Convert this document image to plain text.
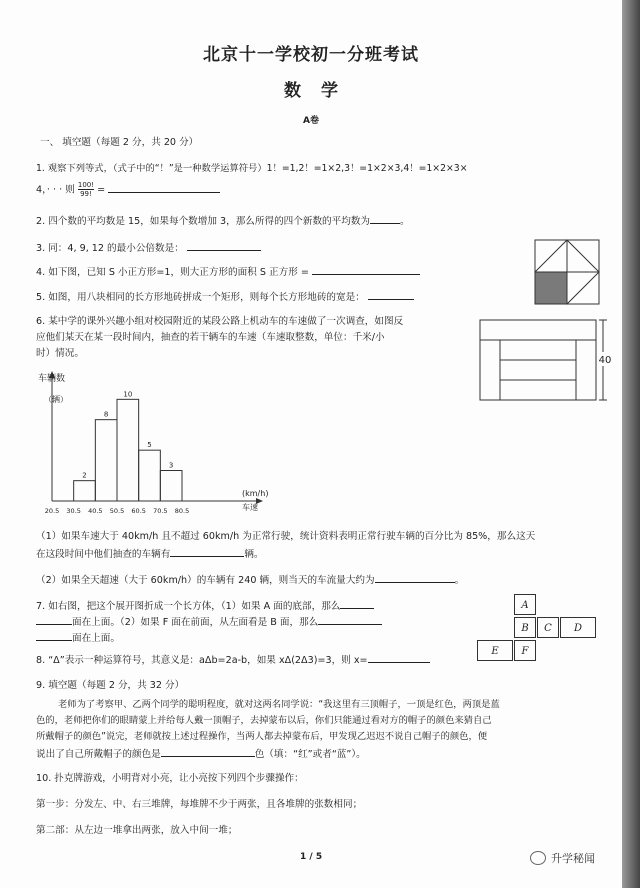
北京十一学校初一分班考试
数 学
A卷
一、 填空题（每题 2 分，共 20 分）
1. 观察下列等式，（式子中的“！”是一种数学运算符号）1！=1,2！=1×2,3！=1×2×3,4！=1×2×3×
4，· · · 则 $\frac{100!}{99!}$ =
2. 四个数的平均数是 15，如果每个数增加 3，那么所得的四个新数的平均数为	。
3. 同：4, 9, 12 的最小公倍数是：
4. 如下图，已知 S 小正方形=1，则大正方形的面积 S 正方形 =
5. 如图，用八块相同的长方形地砖拼成一个矩形，则每个长方形地砖的宽是：
40
6. 某中学的课外兴趣小组对校园附近的某段公路上机动车的车速做了一次调查，如图反
应他们某天在某一段时间内，抽查的若干辆车的车速（车速取整数，单位：千米/小
时）情况。
车辆数
（辆）
(km/h)
车速
2
8
10
5
3
20.5 30.5 40.5 50.5 60.5 70.5 80.5
（1）如果车速大于 40km/h 且不超过 60km/h 为正常行驶，统计资料表明正常行驶车辆的百分比为 85%，那么这天
在这段时间中他们抽查的车辆有	辆。
（2）如果全天超速（大于 60km/h）的车辆有 240 辆，则当天的车流量大约为	。
7. 如右图，把这个展开图折成一个长方体，（1）如果 A 面的底部，那么
面在上面。（2）如果 F 面在前面，从左面看是 B 面，那么
面在上面。
A
B	C	D
E	F
8. “Δ”表示一种运算符号，其意义是：aΔb=2a-b，如果 xΔ(2Δ3)=3，则 x=
9. 填空题（每题 2 分，共 32 分）
老师为了考察甲、乙两个同学的聪明程度，就对这两名同学说：“我这里有三顶帽子，一顶是红色，两顶是蓝
色的，老师把你们的眼睛蒙上并给每人戴一顶帽子，去掉蒙布以后，你们只能通过看对方的帽子的颜色来猜自己
所戴帽子的颜色”说完，老师就按上述过程操作，当两人都去掉蒙布后，甲发现乙迟迟不说自己帽子的颜色，便
说出了自己所戴帽子的颜色是	色（填：“红”或者“蓝”）。
10. 扑克牌游戏，小明背对小亮，让小亮按下列四个步骤操作：
第一步：分发左、中、右三堆牌，每堆牌不少于两张，且各堆牌的张数相同；
第二部：从左边一堆拿出两张，放入中间一堆；
1 / 5	升学秘闻
